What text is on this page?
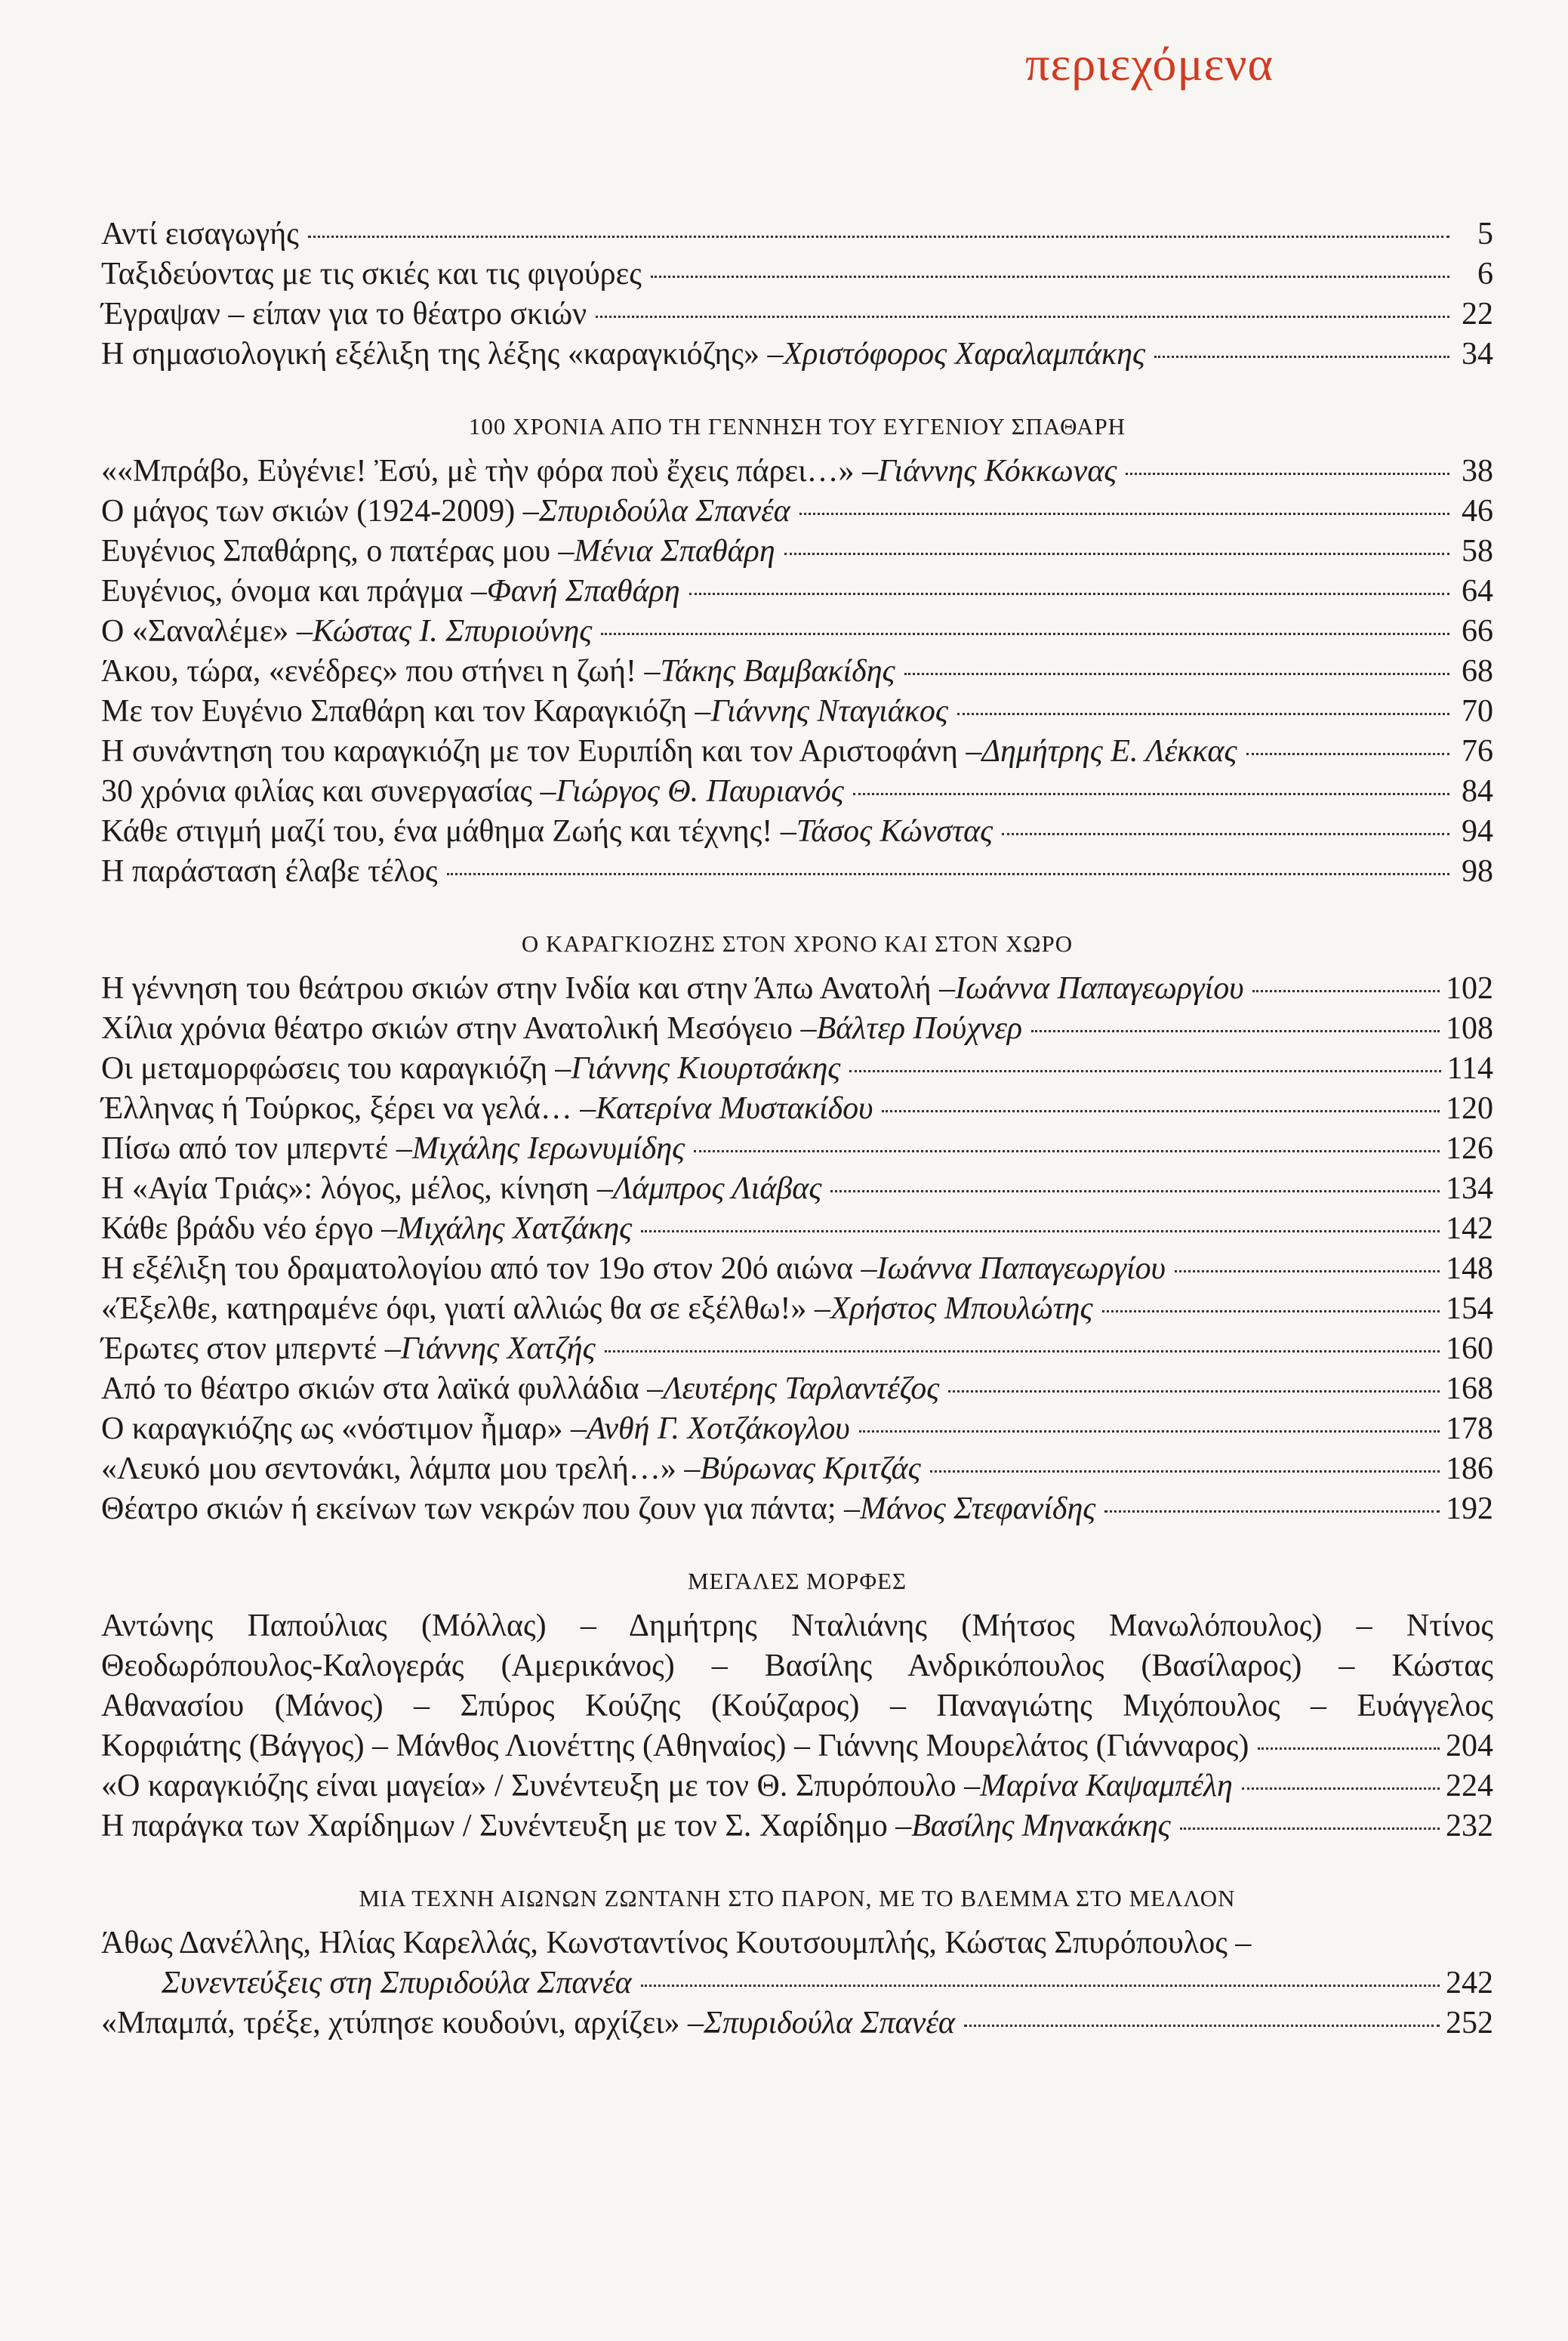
περιεχόμενα
Αντί εισαγωγής	5
Ταξιδεύοντας με τις σκιές και τις φιγούρες	6
Έγραψαν – είπαν για το θέατρο σκιών	22
Η σημασιολογική εξέλιξη της λέξης «καραγκιόζης» – Χριστόφορος Χαραλαμπάκης	34
100 ΧΡΟΝΙΑ ΑΠΟ ΤΗ ΓΕΝΝΗΣΗ ΤΟΥ ΕΥΓΕΝΙΟΥ ΣΠΑΘΑΡΗ
««Μπράβο, Εὐγένιε! Ἐσύ, μὲ τὴν φόρα ποὺ ἔχεις πάρει…» – Γιάννης Κόκκωνας	38
Ο μάγος των σκιών (1924-2009) – Σπυριδούλα Σπανέα	46
Ευγένιος Σπαθάρης, ο πατέρας μου – Μένια Σπαθάρη	58
Ευγένιος, όνομα και πράγμα – Φανή Σπαθάρη	64
Ο «Σαναλέμε» – Κώστας Ι. Σπυριούνης	66
Άκου, τώρα, «ενέδρες» που στήνει η ζωή! – Τάκης Βαμβακίδης	68
Με τον Ευγένιο Σπαθάρη και τον Καραγκιόζη – Γιάννης Νταγιάκος	70
Η συνάντηση του καραγκιόζη με τον Ευριπίδη και τον Αριστοφάνη – Δημήτρης Ε. Λέκκας	76
30 χρόνια φιλίας και συνεργασίας – Γιώργος Θ. Παυριανός	84
Κάθε στιγμή μαζί του, ένα μάθημα Ζωής και τέχνης! – Τάσος Κώνστας	94
Η παράσταση έλαβε τέλος	98
Ο ΚΑΡΑΓΚΙΟΖΗΣ ΣΤΟΝ ΧΡΟΝΟ ΚΑΙ ΣΤΟΝ ΧΩΡΟ
Η γέννηση του θεάτρου σκιών στην Ινδία και στην Άπω Ανατολή – Ιωάννα Παπαγεωργίου	102
Χίλια χρόνια θέατρο σκιών στην Ανατολική Μεσόγειο – Βάλτερ Πούχνερ	108
Οι μεταμορφώσεις του καραγκιόζη – Γιάννης Κιουρτσάκης	114
Έλληνας ή Τούρκος, ξέρει να γελά… – Κατερίνα Μυστακίδου	120
Πίσω από τον μπερντέ – Μιχάλης Ιερωνυμίδης	126
Η «Αγία Τριάς»: λόγος, μέλος, κίνηση – Λάμπρος Λιάβας	134
Κάθε βράδυ νέο έργο – Μιχάλης Χατζάκης	142
Η εξέλιξη του δραματολογίου από τον 19ο στον 20ό αιώνα – Ιωάννα Παπαγεωργίου	148
«Έξελθε, κατηραμένε όφι, γιατί αλλιώς θα σε εξέλθω!» – Χρήστος Μπουλώτης	154
Έρωτες στον μπερντέ – Γιάννης Χατζής	160
Από το θέατρο σκιών στα λαϊκά φυλλάδια – Λευτέρης Ταρλαντέζος	168
Ο καραγκιόζης ως «νόστιμον ἦμαρ» – Ανθή Γ. Χοτζάκογλου	178
«Λευκό μου σεντονάκι, λάμπα μου τρελή…» – Βύρωνας Κριτζάς	186
Θέατρο σκιών ή εκείνων των νεκρών που ζουν για πάντα; – Μάνος Στεφανίδης	192
ΜΕΓΑΛΕΣ ΜΟΡΦΕΣ
Αντώνης Παπούλιας (Μόλλας) – Δημήτρης Νταλιάνης (Μήτσος Μανωλόπουλος) – Ντίνος
Θεοδωρόπουλος-Καλογεράς (Αμερικάνος) – Βασίλης Ανδρικόπουλος (Βασίλαρος) – Κώστας
Αθανασίου (Μάνος) – Σπύρος Κούζης (Κούζαρος) – Παναγιώτης Μιχόπουλος – Ευάγγελος
Κορφιάτης (Βάγγος) – Μάνθος Λιονέττης (Αθηναίος) – Γιάννης Μουρελάτος (Γιάνναρος)	204
«Ο καραγκιόζης είναι μαγεία» / Συνέντευξη με τον Θ. Σπυρόπουλο – Μαρίνα Καψαμπέλη	224
Η παράγκα των Χαρίδημων / Συνέντευξη με τον Σ. Χαρίδημο – Βασίλης Μηνακάκης	232
ΜΙΑ ΤΕΧΝΗ ΑΙΩΝΩΝ ΖΩΝΤΑΝΗ ΣΤΟ ΠΑΡΟΝ, ΜΕ ΤΟ ΒΛΕΜΜΑ ΣΤΟ ΜΕΛΛΟΝ
Άθως Δανέλλης, Ηλίας Καρελλάς, Κωνσταντίνος Κουτσουμπλής, Κώστας Σπυρόπουλος –
Συνεντεύξεις στη Σπυριδούλα Σπανέα	242
«Μπαμπά, τρέξε, χτύπησε κουδούνι, αρχίζει» – Σπυριδούλα Σπανέα	252
